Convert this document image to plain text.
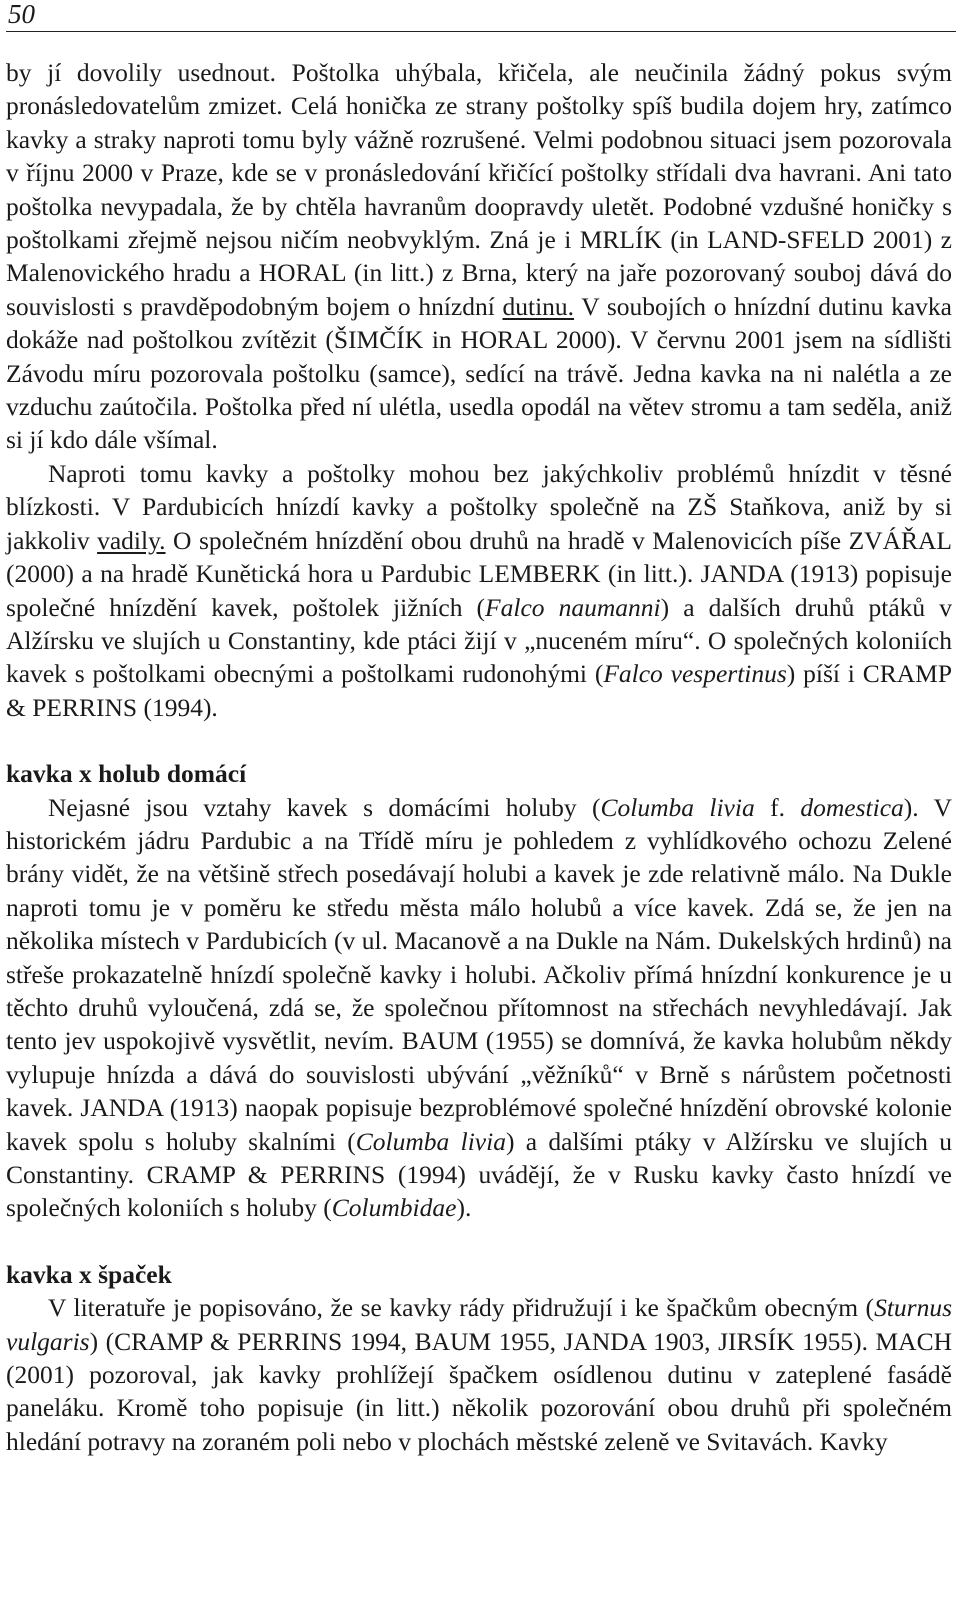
50

by jí dovolily usednout. Poštolka uhýbala, křičela, ale neučinila žádný pokus svým pronásledovatelům zmizet. Celá honička ze strany poštolky spíš budila dojem hry, zatímco kavky a straky naproti tomu byly vážně rozrušené. Velmi podobnou situaci jsem pozorovala v říjnu 2000 v Praze, kde se v pronásledování křičící poštolky střídali dva havrani. Ani tato poštolka nevypadala, že by chtěla havranům doopravdy uletět. Podobné vzdušné honičky s poštolkami zřejmě nejsou ničím neobvyklým. Zná je i MRLÍK (in LAND-SFELD 2001) z Malenovického hradu a HORAL (in litt.) z Brna, který na jaře pozorovaný souboj dává do souvislosti s pravděpodobným bojem o hnízdní dutinu. V soubojích o hnízdní dutinu kavka dokáže nad poštolkou zvítězit (ŠIMČÍK in HORAL 2000). V červnu 2001 jsem na sídlišti Závodu míru pozorovala poštolku (samce), sedící na trávě. Jedna kavka na ni nalétla a ze vzduchu zaútočila. Poštolka před ní ulétla, usedla opodál na větev stromu a tam seděla, aniž si jí kdo dále všímal.

Naproti tomu kavky a poštolky mohou bez jakýchkoliv problémů hnízdit v těsné blízkosti. V Pardubicích hnízdí kavky a poštolky společně na ZŠ Staňkova, aniž by si jakkoliv vadily. O společném hnízdění obou druhů na hradě v Malenovicích píše ZVÁŘAL (2000) a na hradě Kunětická hora u Pardubic LEMBERK (in litt.). JANDA (1913) popisuje společné hnízdění kavek, poštolek jižních (Falco naumanni) a dalších druhů ptáků v Alžírsku ve slujích u Constantiny, kde ptáci žijí v „nuceném míru“. O společných koloniích kavek s poštolkami obecnými a poštolkami rudonohými (Falco vespertinus) píší i CRAMP & PERRINS (1994).

kavka x holub domácí

Nejasné jsou vztahy kavek s domácími holuby (Columba livia f. domestica). V historickém jádru Pardubic a na Třídě míru je pohledem z vyhlídkového ochozu Zelené brány vidět, že na většině střech posedávají holubi a kavek je zde relativně málo. Na Dukle naproti tomu je v poměru ke středu města málo holubů a více kavek. Zdá se, že jen na několika místech v Pardubicích (v ul. Macanově a na Dukle na Nám. Dukelských hrdinů) na střeše prokazatelně hnízdí společně kavky i holubi. Ačkoliv přímá hnízdní konkurence je u těchto druhů vyloučená, zdá se, že společnou přítomnost na střechách nevyhledávají. Jak tento jev uspokojivě vysvětlit, nevím. BAUM (1955) se domnívá, že kavka holubům někdy vylupuje hnízda a dává do souvislosti ubývání „věžníků“ v Brně s nárůstem početnosti kavek. JANDA (1913) naopak popisuje bezproblémové společné hnízdění obrovské kolonie kavek spolu s holuby skalními (Columba livia) a dalšími ptáky v Alžírsku ve slujích u Constantiny. CRAMP & PERRINS (1994) uvádějí, že v Rusku kavky často hnízdí ve společných koloniích s holuby (Columbidae).

kavka x špaček

V literatuře je popisováno, že se kavky rády přidružují i ke špačkům obecným (Sturnus vulgaris) (CRAMP & PERRINS 1994, BAUM 1955, JANDA 1903, JIRSÍK 1955). MACH (2001) pozoroval, jak kavky prohlížejí špačkem osídlenou dutinu v zateplené fasádě paneláku. Kromě toho popisuje (in litt.) několik pozorování obou druhů při společném hledání potravy na zoraném poli nebo v plochách městské zeleně ve Svitavách. Kavky
